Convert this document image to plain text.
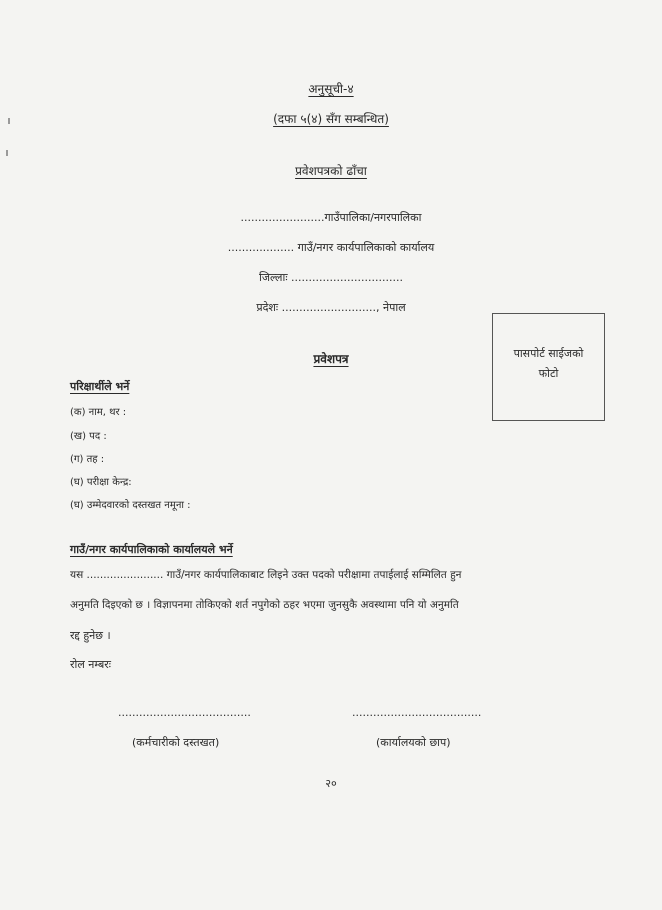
अनुसूची-४
(दफा ५(४) सँग सम्बन्धित)
प्रवेशपत्रको ढाँचा
........................गाउँपालिका/नगरपालिका
................... गाउँ/नगर कार्यपालिकाको कार्यालय
जिल्लाः ................................
प्रदेशः ..........................., नेपाल
पासपोर्ट साईजको
फोटो
प्रवेशपत्र
परिक्षार्थीले भर्ने
(क) नाम, थर :
(ख) पद :
(ग) तह :
(घ) परीक्षा केन्द्र:
(घ) उम्मेदवारको दस्तखत नमूना :
गाउँ/नगर कार्यपालिकाको कार्यालयले भर्ने
यस ....................... गाउँ/नगर कार्यपालिकाबाट लिइने उक्त पदको परीक्षामा तपाईलाई सम्मिलित हुन
अनुमति दिइएको छ । विज्ञापनमा तोकिएको शर्त नपुगेको ठहर भएमा जुनसुकै अवस्थामा पनि यो अनुमति
रद्द हुनेछ ।
रोल नम्बरः
......................................
(कर्मचारीको दस्तखत)
.....................................
(कार्यालयको छाप)
२०
